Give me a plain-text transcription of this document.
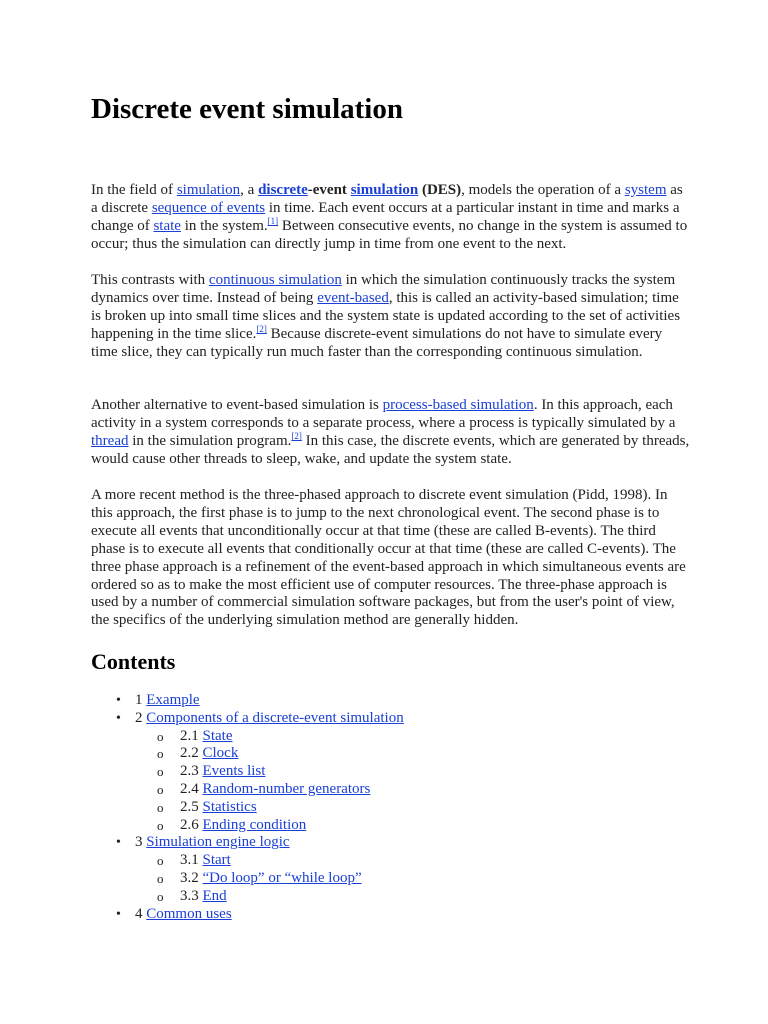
Discrete event simulation

In the field of simulation, a discrete-event simulation (DES), models the operation of a system as a discrete sequence of events in time. Each event occurs at a particular instant in time and marks a change of state in the system.[1] Between consecutive events, no change in the system is assumed to occur; thus the simulation can directly jump in time from one event to the next.

This contrasts with continuous simulation in which the simulation continuously tracks the system dynamics over time. Instead of being event-based, this is called an activity-based simulation; time is broken up into small time slices and the system state is updated according to the set of activities happening in the time slice.[2] Because discrete-event simulations do not have to simulate every time slice, they can typically run much faster than the corresponding continuous simulation.

Another alternative to event-based simulation is process-based simulation. In this approach, each activity in a system corresponds to a separate process, where a process is typically simulated by a thread in the simulation program.[2] In this case, the discrete events, which are generated by threads, would cause other threads to sleep, wake, and update the system state.

A more recent method is the three-phased approach to discrete event simulation (Pidd, 1998). In this approach, the first phase is to jump to the next chronological event. The second phase is to execute all events that unconditionally occur at that time (these are called B-events). The third phase is to execute all events that conditionally occur at that time (these are called C-events). The three phase approach is a refinement of the event-based approach in which simultaneous events are ordered so as to make the most efficient use of computer resources. The three-phase approach is used by a number of commercial simulation software packages, but from the user's point of view, the specifics of the underlying simulation method are generally hidden.

Contents
• 1 Example
• 2 Components of a discrete-event simulation
o 2.1 State
o 2.2 Clock
o 2.3 Events list
o 2.4 Random-number generators
o 2.5 Statistics
o 2.6 Ending condition
• 3 Simulation engine logic
o 3.1 Start
o 3.2 “Do loop” or “while loop”
o 3.3 End
• 4 Common uses
